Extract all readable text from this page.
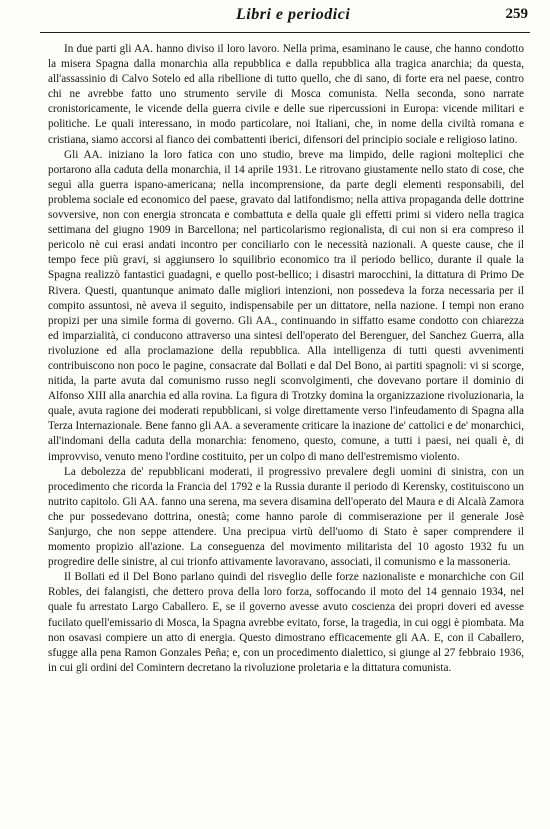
Libri e periodici	259

In due parti gli AA. hanno diviso il loro lavoro. Nella prima, esaminano le cause, che hanno condotto la misera Spagna dalla monarchia alla repubblica e dalla repubblica alla tragica anarchia; da questa, all'assassinio di Calvo Sotelo ed alla ribellione di tutto quello, che di sano, di forte era nel paese, contro chi ne avrebbe fatto uno strumento servile di Mosca comunista. Nella seconda, sono narrate cronistoricamente, le vicende della guerra civile e delle sue ripercussioni in Europa: vicende militari e politiche. Le quali interessano, in modo particolare, noi Italiani, che, in nome della civiltà romana e cristiana, siamo accorsi al fianco dei combattenti iberici, difensori del principio sociale e religioso latino.

Gli AA. iniziano la loro fatica con uno studio, breve ma limpido, delle ragioni molteplici che portarono alla caduta della monarchia, il 14 aprile 1931. Le ritrovano giustamente nello stato di cose, che seguì alla guerra ispano-americana; nella incomprensione, da parte degli elementi responsabili, del problema sociale ed economico del paese, gravato dal latifondismo; nella attiva propaganda delle dottrine sovversive, non con energia stroncata e combattuta e della quale gli effetti primi si videro nella tragica settimana del giugno 1909 in Barcellona; nel particolarismo regionalista, di cui non si era compreso il pericolo nè cui erasi andati incontro per conciliarlo con le necessità nazionali. A queste cause, che il tempo fece più gravi, si aggiunsero lo squilibrio economico tra il periodo bellico, durante il quale la Spagna realizzò fantastici guadagni, e quello post-bellico; i disastri marocchini, la dittatura di Primo De Rivera. Questi, quantunque animato dalle migliori intenzioni, non possedeva la forza necessaria per il compito assuntosi, nè aveva il seguito, indispensabile per un dittatore, nella nazione. I tempi non erano propizi per una simile forma di governo. Gli AA., continuando in siffatto esame condotto con chiarezza ed imparzialità, ci conducono attraverso una sintesi dell'operato del Berenguer, del Sanchez Guerra, alla rivoluzione ed alla proclamazione della repubblica. Alla intelligenza di tutti questi avvenimenti contribuiscono non poco le pagine, consacrate dal Bollati e dal Del Bono, ai partiti spagnoli: vi si scorge, nitida, la parte avuta dal comunismo russo negli sconvolgimenti, che dovevano portare il dominio di Alfonso XIII alla anarchia ed alla rovina. La figura di Trotzky domina la organizzazione rivoluzionaria, la quale, avuta ragione dei moderati repubblicani, si volge direttamente verso l'infeudamento di Spagna alla Terza Internazionale. Bene fanno gli AA. a severamente criticare la inazione de' cattolici e de' monarchici, all'indomani della caduta della monarchia: fenomeno, questo, comune, a tutti i paesi, nei quali è, di improvviso, venuto meno l'ordine costituito, per un colpo di mano dell'estremismo violento.

La debolezza de' repubblicani moderati, il progressivo prevalere degli uomini di sinistra, con un procedimento che ricorda la Francia del 1792 e la Russia durante il periodo di Kerensky, costituiscono un nutrito capitolo. Gli AA. fanno una serena, ma severa disamina dell'operato del Maura e di Alcalà Zamora che pur possedevano dottrina, onestà; come hanno parole di commiserazione per il generale Josè Sanjurgo, che non seppe attendere. Una precipua virtù dell'uomo di Stato è saper comprendere il momento propizio all'azione. La conseguenza del movimento militarista del 10 agosto 1932 fu un progredire delle sinistre, al cui trionfo attivamente lavoravano, associati, il comunismo e la massoneria.

Il Bollati ed il Del Bono parlano quindi del risveglio delle forze nazionaliste e monarchiche con Gil Robles, dei falangisti, che dettero prova della loro forza, soffocando il moto del 14 gennaio 1934, nel quale fu arrestato Largo Caballero. E, se il governo avesse avuto coscienza dei propri doveri ed avesse fucilato quell'emissario di Mosca, la Spagna avrebbe evitato, forse, la tragedia, in cui oggi è piombata. Ma non osavasi compiere un atto di energia. Questo dimostrano efficacemente gli AA. E, con il Caballero, sfugge alla pena Ramon Gonzales Peña; e, con un procedimento dialettico, si giunge al 27 febbraio 1936, in cui gli ordini del Comintern decretano la rivoluzione proletaria e la dittatura comunista.
